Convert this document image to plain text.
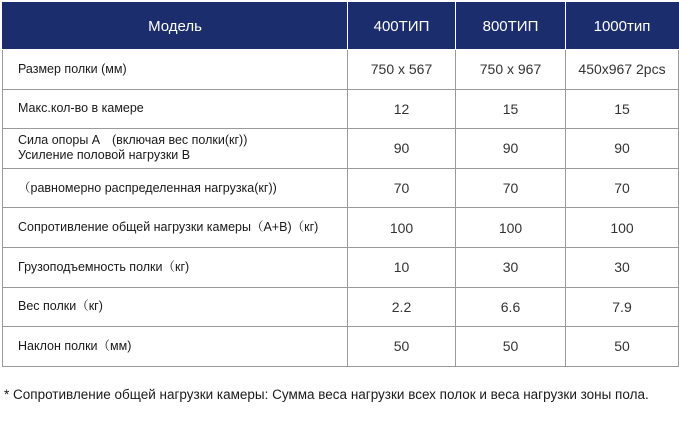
Модель	400ТИП	800ТИП	1000тип

Размер полки (мм)	750 x 567	750 x 967	450x967 2pcs

Макс.кол-во в камере	12	15	15

Сила опоры A　(включая вес полки(кг))
Усиление половой нагрузки B	90	90	90

（равномерно распределенная нагрузка(кг))	70	70	70

Сопротивление общей нагрузки камеры（A+B)（кг)	100	100	100

Грузоподъемность полки（кг)	10	30	30

Вес полки（кг)	2.2	6.6	7.9

Наклон полки（мм)	50	50	50
* Сопротивление общей нагрузки камеры: Сумма веса нагрузки всех полок и веса нагрузки зоны пола.
